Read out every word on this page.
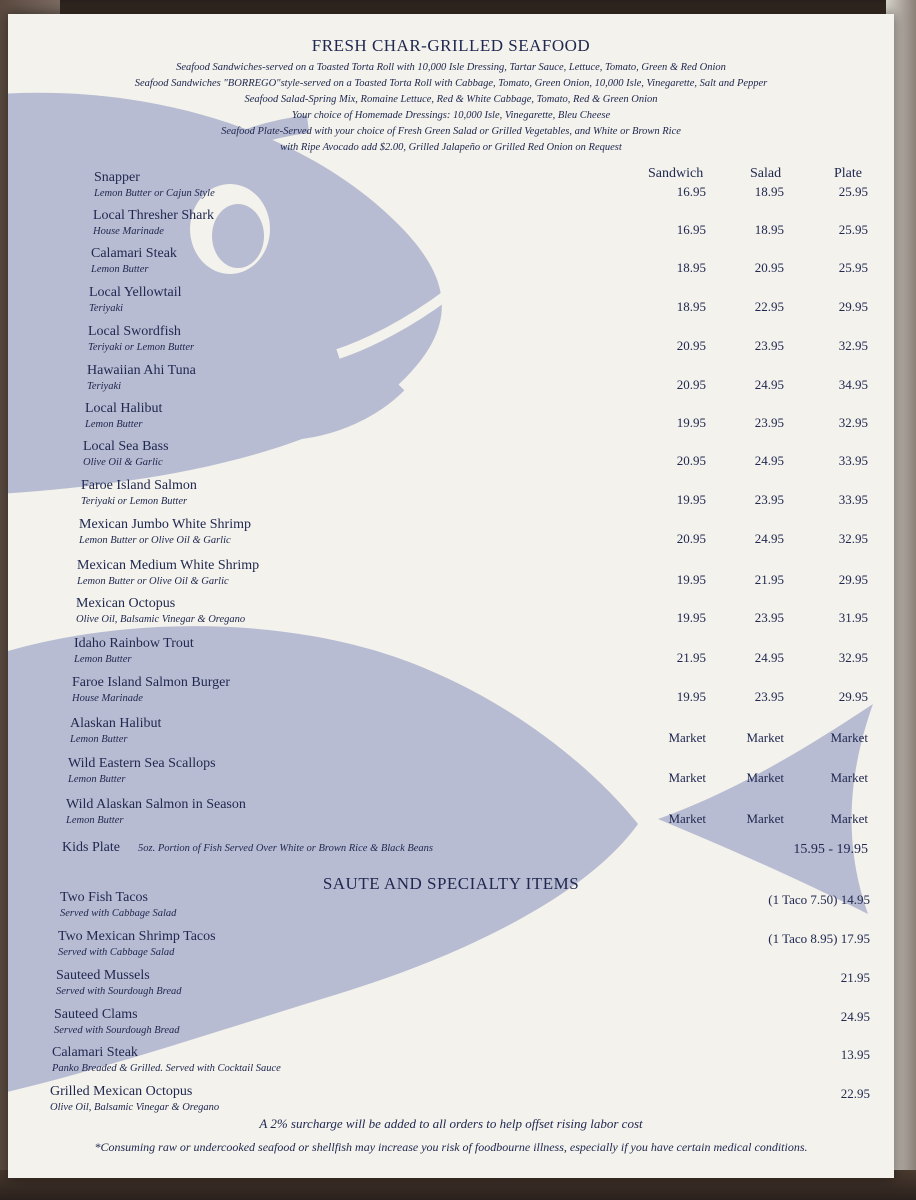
FRESH CHAR-GRILLED SEAFOOD
Seafood Sandwiches-served on a Toasted Torta Roll with 10,000 Isle Dressing, Tartar Sauce, Lettuce, Tomato, Green & Red Onion
Seafood Sandwiches "BORREGO"style-served on a Toasted Torta Roll with Cabbage, Tomato, Green Onion, 10,000 Isle, Vinegarette, Salt and Pepper
Seafood Salad-Spring Mix, Romaine Lettuce, Red & White Cabbage, Tomato, Red & Green Onion
Your choice of Homemade Dressings: 10,000 Isle, Vinegarette, Bleu Cheese
Seafood Plate-Served with your choice of Fresh Green Salad or Grilled Vegetables, and White or Brown Rice
with Ripe Avocado add $2.00, Grilled Jalapeño or Grilled Red Onion on Request
Sandwich	Salad	Plate
Snapper
Lemon Butter or Cajun Style	16.95	18.95	25.95
Local Thresher Shark
House Marinade	16.95	18.95	25.95
Calamari Steak
Lemon Butter	18.95	20.95	25.95
Local Yellowtail
Teriyaki	18.95	22.95	29.95
Local Swordfish
Teriyaki or Lemon Butter	20.95	23.95	32.95
Hawaiian Ahi Tuna
Teriyaki	20.95	24.95	34.95
Local Halibut
Lemon Butter	19.95	23.95	32.95
Local Sea Bass
Olive Oil & Garlic	20.95	24.95	33.95
Faroe Island Salmon
Teriyaki or Lemon Butter	19.95	23.95	33.95
Mexican Jumbo White Shrimp
Lemon Butter or Olive Oil & Garlic	20.95	24.95	32.95
Mexican Medium White Shrimp
Lemon Butter or Olive Oil & Garlic	19.95	21.95	29.95
Mexican Octopus
Olive Oil, Balsamic Vinegar & Oregano	19.95	23.95	31.95
Idaho Rainbow Trout
Lemon Butter	21.95	24.95	32.95
Faroe Island Salmon Burger
House Marinade	19.95	23.95	29.95
Alaskan Halibut
Lemon Butter	Market	Market	Market
Wild Eastern Sea Scallops
Lemon Butter	Market	Market	Market
Wild Alaskan Salmon in Season
Lemon Butter	Market	Market	Market
Kids Plate 5oz. Portion of Fish Served Over White or Brown Rice & Black Beans	15.95 - 19.95
SAUTE AND SPECIALTY ITEMS
Two Fish Tacos
Served with Cabbage Salad
(1 Taco 7.50) 14.95
Two Mexican Shrimp Tacos
Served with Cabbage Salad
(1 Taco 8.95) 17.95
Sauteed Mussels
Served with Sourdough Bread
21.95
Sauteed Clams
Served with Sourdough Bread
24.95
Calamari Steak
Panko Breaded & Grilled. Served with Cocktail Sauce
13.95
Grilled Mexican Octopus
Olive Oil, Balsamic Vinegar & Oregano
22.95
A 2% surcharge will be added to all orders to help offset rising labor cost
*Consuming raw or undercooked seafood or shellfish may increase you risk of foodbourne illness, especially if you have certain medical conditions.
